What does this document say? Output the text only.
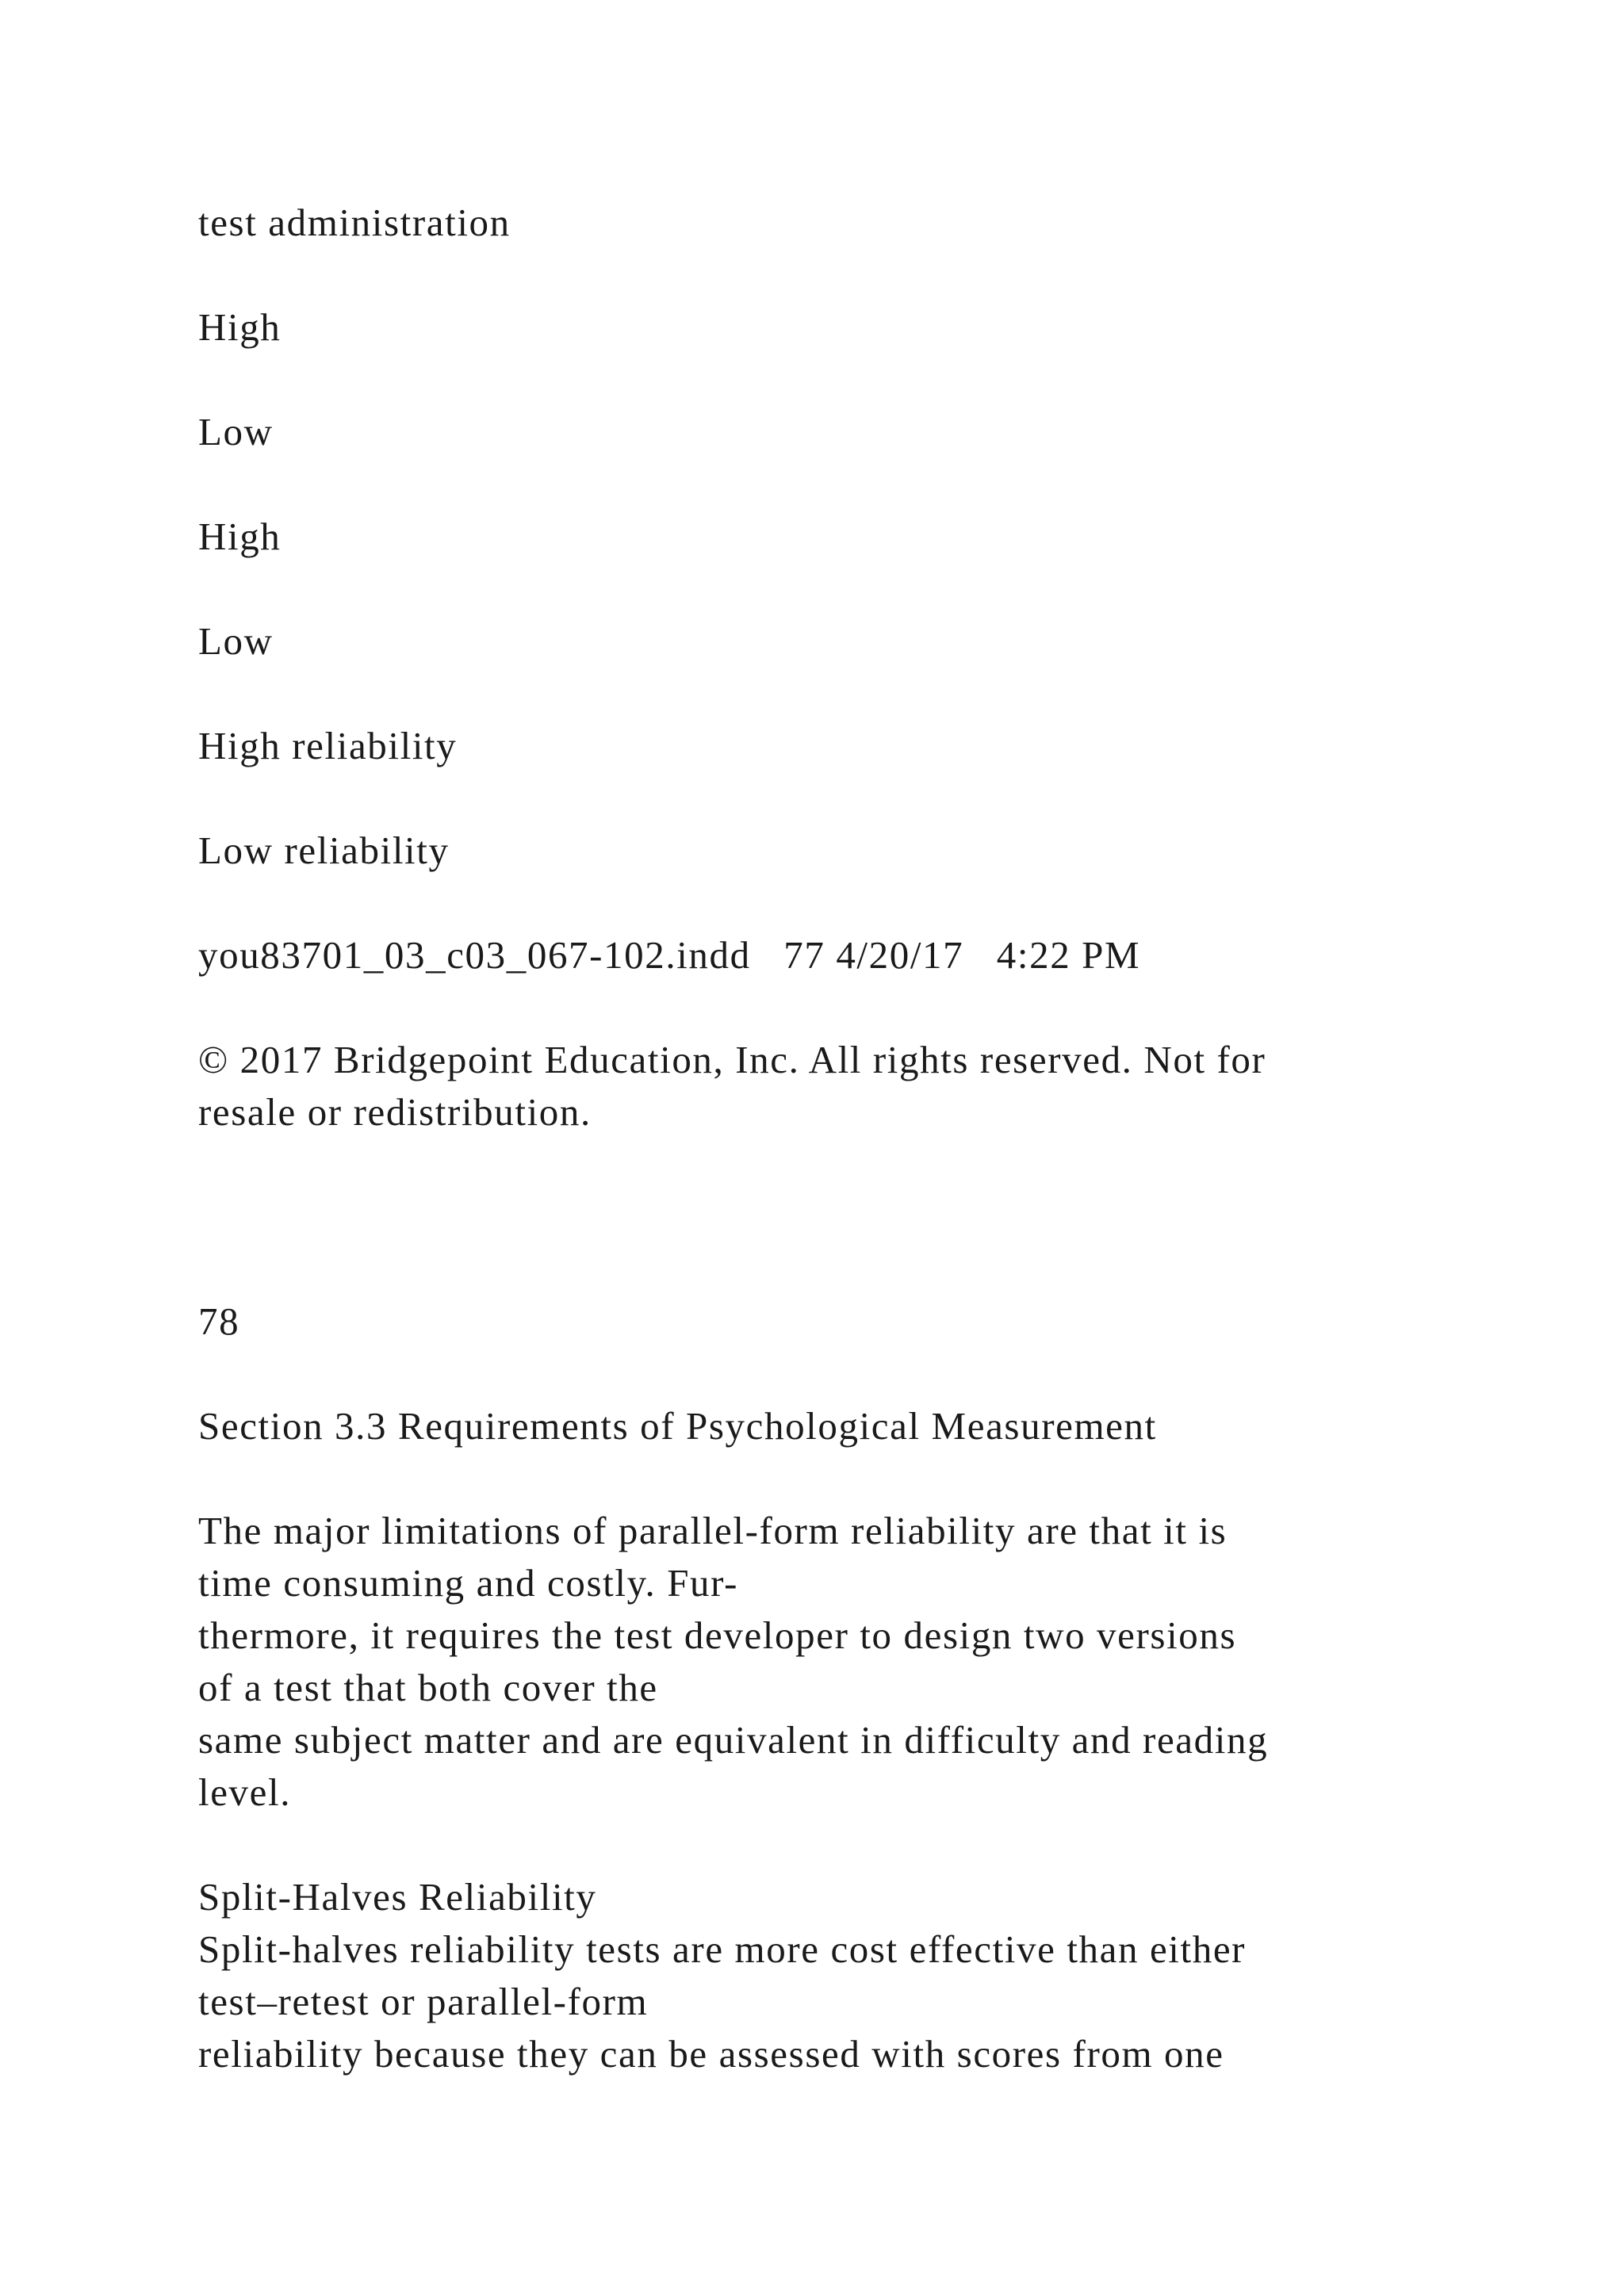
test administration

High

Low

High

Low

High reliability

Low reliability

you83701_03_c03_067-102.indd   77 4/20/17   4:22 PM

© 2017 Bridgepoint Education, Inc. All rights reserved. Not for
resale or redistribution.

78

Section 3.3 Requirements of Psychological Measurement

The major limitations of parallel-form reliability are that it is
time consuming and costly. Fur-
thermore, it requires the test developer to design two versions
of a test that both cover the
same subject matter and are equivalent in difficulty and reading
level.
Split-Halves Reliability
Split-halves reliability tests are more cost effective than either
test–retest or parallel-form
reliability because they can be assessed with scores from one
